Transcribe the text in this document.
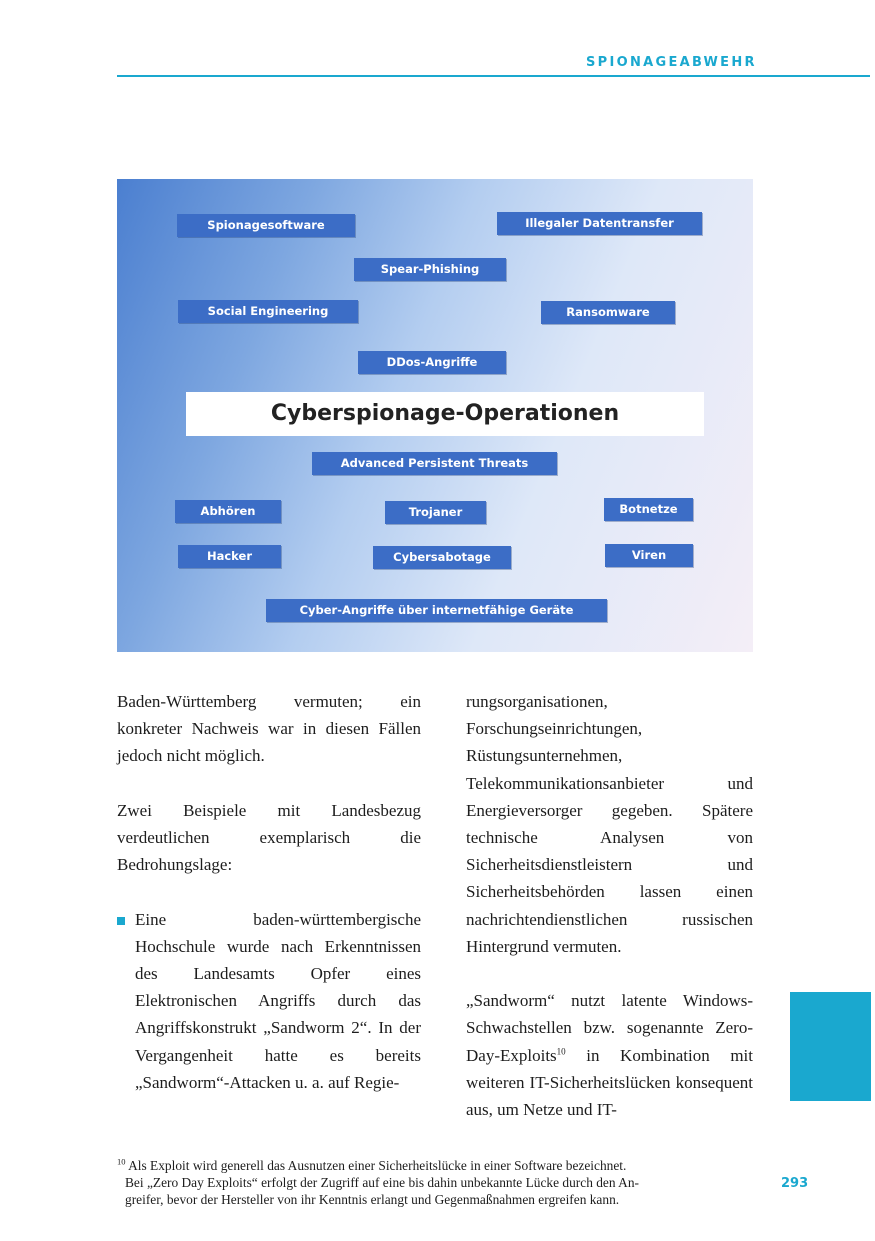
SPIONAGEABWEHR
Spionagesoftware	Illegaler Datentransfer
Spear-Phishing
Social Engineering	Ransomware
DDos-Angriffe
Cyberspionage-Operationen
Advanced Persistent Threats
Abhören	Trojaner	Botnetze
Hacker	Cybersabotage	Viren
Cyber-Angriffe über internetfähige Geräte

Baden-Württemberg vermuten; ein konkreter Nachweis war in diesen Fällen jedoch nicht möglich.

Zwei Beispiele mit Landesbezug verdeutlichen exemplarisch die Bedrohungslage:

Eine baden-württembergische Hochschule wurde nach Erkenntnissen des Landesamts Opfer eines Elektronischen Angriffs durch das Angriffskonstrukt „Sandworm 2“. In der Vergangenheit hatte es bereits „Sandworm“-Attacken u. a. auf Regie-

rungsorganisationen, Forschungseinrichtungen, Rüstungsunternehmen, Telekommunikationsanbieter und Energieversorger gegeben. Spätere technische Analysen von Sicherheitsdienstleistern und Sicherheitsbehörden lassen einen nachrichtendienstlichen russischen Hintergrund vermuten.

„Sandworm“ nutzt latente Windows-Schwachstellen bzw. sogenannte Zero-Day-Exploits$^{10}$ in Kombination mit weiteren IT-Sicherheitslücken konsequent aus, um Netze und IT-

$^{10}$ Als Exploit wird generell das Ausnutzen einer Sicherheitslücke in einer Software bezeichnet.
Bei „Zero Day Exploits“ erfolgt der Zugriff auf eine bis dahin unbekannte Lücke durch den An-
greifer, bevor der Hersteller von ihr Kenntnis erlangt und Gegenmaßnahmen ergreifen kann.
293
